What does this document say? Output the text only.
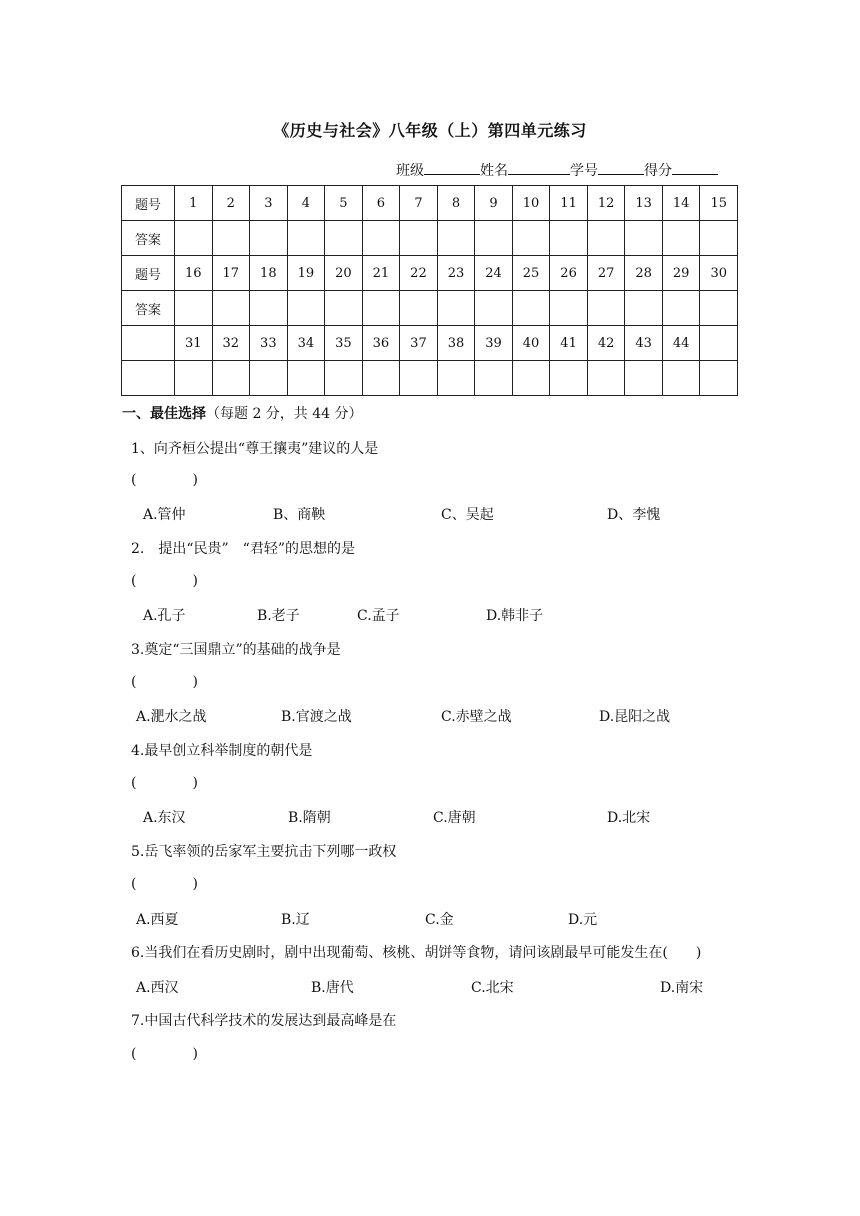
《历史与社会》八年级（上）第四单元练习
班级	姓名	学号	得分
题号	1	2	3	4	5	6	7	8	9	10	11	12	13	14	15
答案															
题号	16	17	18	19	20	21	22	23	24	25	26	27	28	29	30
答案															
	31	32	33	34	35	36	37	38	39	40	41	42	43	44	

一、最佳选择（每题 2 分，共 44 分）
1、向齐桓公提出“尊王攘夷”建议的人是
(　　　　)
A.管仲	B、商鞅	C、吴起	D、李愧
2.　提出“民贵”　“君轻”的思想的是
(　　　　)
A.孔子	B.老子	C.孟子	D.韩非子
3.奠定“三国鼎立”的基础的战争是
(　　　　)
A.淝水之战	B.官渡之战	C.赤壁之战	D.昆阳之战
4.最早创立科举制度的朝代是
(　　　　)
A.东汉	B.隋朝	C.唐朝	D.北宋
5.岳飞率领的岳家军主要抗击下列哪一政权
(　　　　)
A.西夏	B.辽	C.金	D.元
6.当我们在看历史剧时，剧中出现葡萄、核桃、胡饼等食物，请问该剧最早可能发生在(　　)
A.西汉	B.唐代	C.北宋	D.南宋
7.中国古代科学技术的发展达到最高峰是在
(　　　　)
